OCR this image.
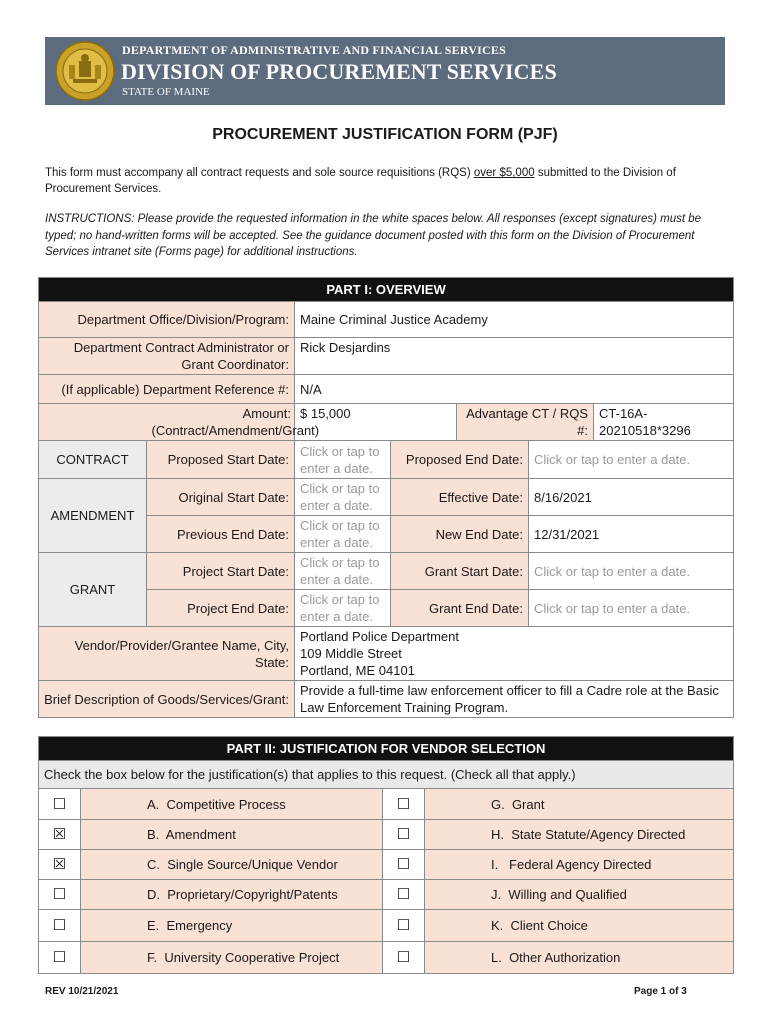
DEPARTMENT OF ADMINISTRATIVE AND FINANCIAL SERVICES
DIVISION OF PROCUREMENT SERVICES
STATE OF MAINE
PROCUREMENT JUSTIFICATION FORM (PJF)
This form must accompany all contract requests and sole source requisitions (RQS) over $5,000 submitted to the Division of Procurement Services.
INSTRUCTIONS: Please provide the requested information in the white spaces below. All responses (except signatures) must be typed; no hand-written forms will be accepted. See the guidance document posted with this form on the Division of Procurement Services intranet site (Forms page) for additional instructions.
PART I: OVERVIEW						
Department Office/Division/Program:		Maine Criminal Justice Academy				
Department Contract Administrator or Grant Coordinator:		Rick Desjardins				
(If applicable) Department Reference #:		N/A				
	Amount: (Contract/Amendment/Grant)	$ 15,000		Advantage CT / RQS #:		CT-16A-20210518*3296
CONTRACT	Proposed Start Date:	Click or tap to enter a date.	Proposed End Date:		Click or tap to enter a date.	
AMENDMENT	Original Start Date:	Click or tap to enter a date.	Effective Date:		8/16/2021	
	Previous End Date:	Click or tap to enter a date.	New End Date:		12/31/2021	
GRANT	Project Start Date:	Click or tap to enter a date.	Grant Start Date:		Click or tap to enter a date.	
	Project End Date:	Click or tap to enter a date.	Grant End Date:		Click or tap to enter a date.	
Vendor/Provider/Grantee Name, City, State:		Portland Police Department
109 Middle Street
Portland, ME 04101				

Brief Description of Goods/Services/Grant:		Provide a full-time law enforcement officer to fill a Cadre role at the Basic Law Enforcement Training Program.				
PART II: JUSTIFICATION FOR VENDOR SELECTION			
Check the box below for the justification(s) that applies to this request. (Check all that apply.)			
☐	A.  Competitive Process	☐	G.  Grant
☒	B.  Amendment	☐	H.  State Statute/Agency Directed
☒	C.  Single Source/Unique Vendor	☐	I.   Federal Agency Directed
☐	D.  Proprietary/Copyright/Patents	☐	J.  Willing and Qualified
☐	E.  Emergency	☐	K.  Client Choice
☐	F.  University Cooperative Project	☐	L.  Other Authorization
REV 10/21/2021	Page 1 of 3
